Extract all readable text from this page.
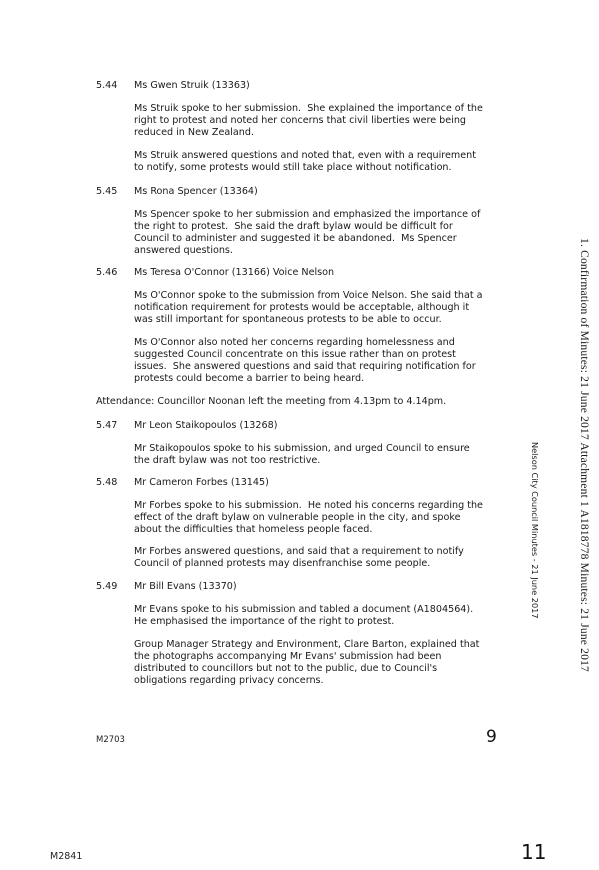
5.44 Ms Gwen Struik (13363)
Ms Struik spoke to her submission.  She explained the importance of the
right to protest and noted her concerns that civil liberties were being
reduced in New Zealand.
Ms Struik answered questions and noted that, even with a requirement
to notify, some protests would still take place without notification.
5.45 Ms Rona Spencer (13364)
Ms Spencer spoke to her submission and emphasized the importance of
the right to protest.  She said the draft bylaw would be difficult for
Council to administer and suggested it be abandoned.  Ms Spencer
answered questions.
5.46 Ms Teresa O'Connor (13166) Voice Nelson
Ms O'Connor spoke to the submission from Voice Nelson. She said that a
notification requirement for protests would be acceptable, although it
was still important for spontaneous protests to be able to occur.
Ms O'Connor also noted her concerns regarding homelessness and
suggested Council concentrate on this issue rather than on protest
issues.  She answered questions and said that requiring notification for
protests could become a barrier to being heard.
Attendance: Councillor Noonan left the meeting from 4.13pm to 4.14pm.
5.47 Mr Leon Staikopoulos (13268)
Mr Staikopoulos spoke to his submission, and urged Council to ensure
the draft bylaw was not too restrictive.
5.48 Mr Cameron Forbes (13145)
Mr Forbes spoke to his submission.  He noted his concerns regarding the
effect of the draft bylaw on vulnerable people in the city, and spoke
about the difficulties that homeless people faced.
Mr Forbes answered questions, and said that a requirement to notify
Council of planned protests may disenfranchise some people.
5.49 Mr Bill Evans (13370)
Mr Evans spoke to his submission and tabled a document (A1804564).
He emphasised the importance of the right to protest.
Group Manager Strategy and Environment, Clare Barton, explained that
the photographs accompanying Mr Evans' submission had been
distributed to councillors but not to the public, due to Council's
obligations regarding privacy concerns.
M2703	9
M2841	11
Nelson City Council Minutes - 21 June 2017	1. Confirmation of Minutes: 21 June 2017 Attachment 1 A1818778 Minutes: 21 June 2017
